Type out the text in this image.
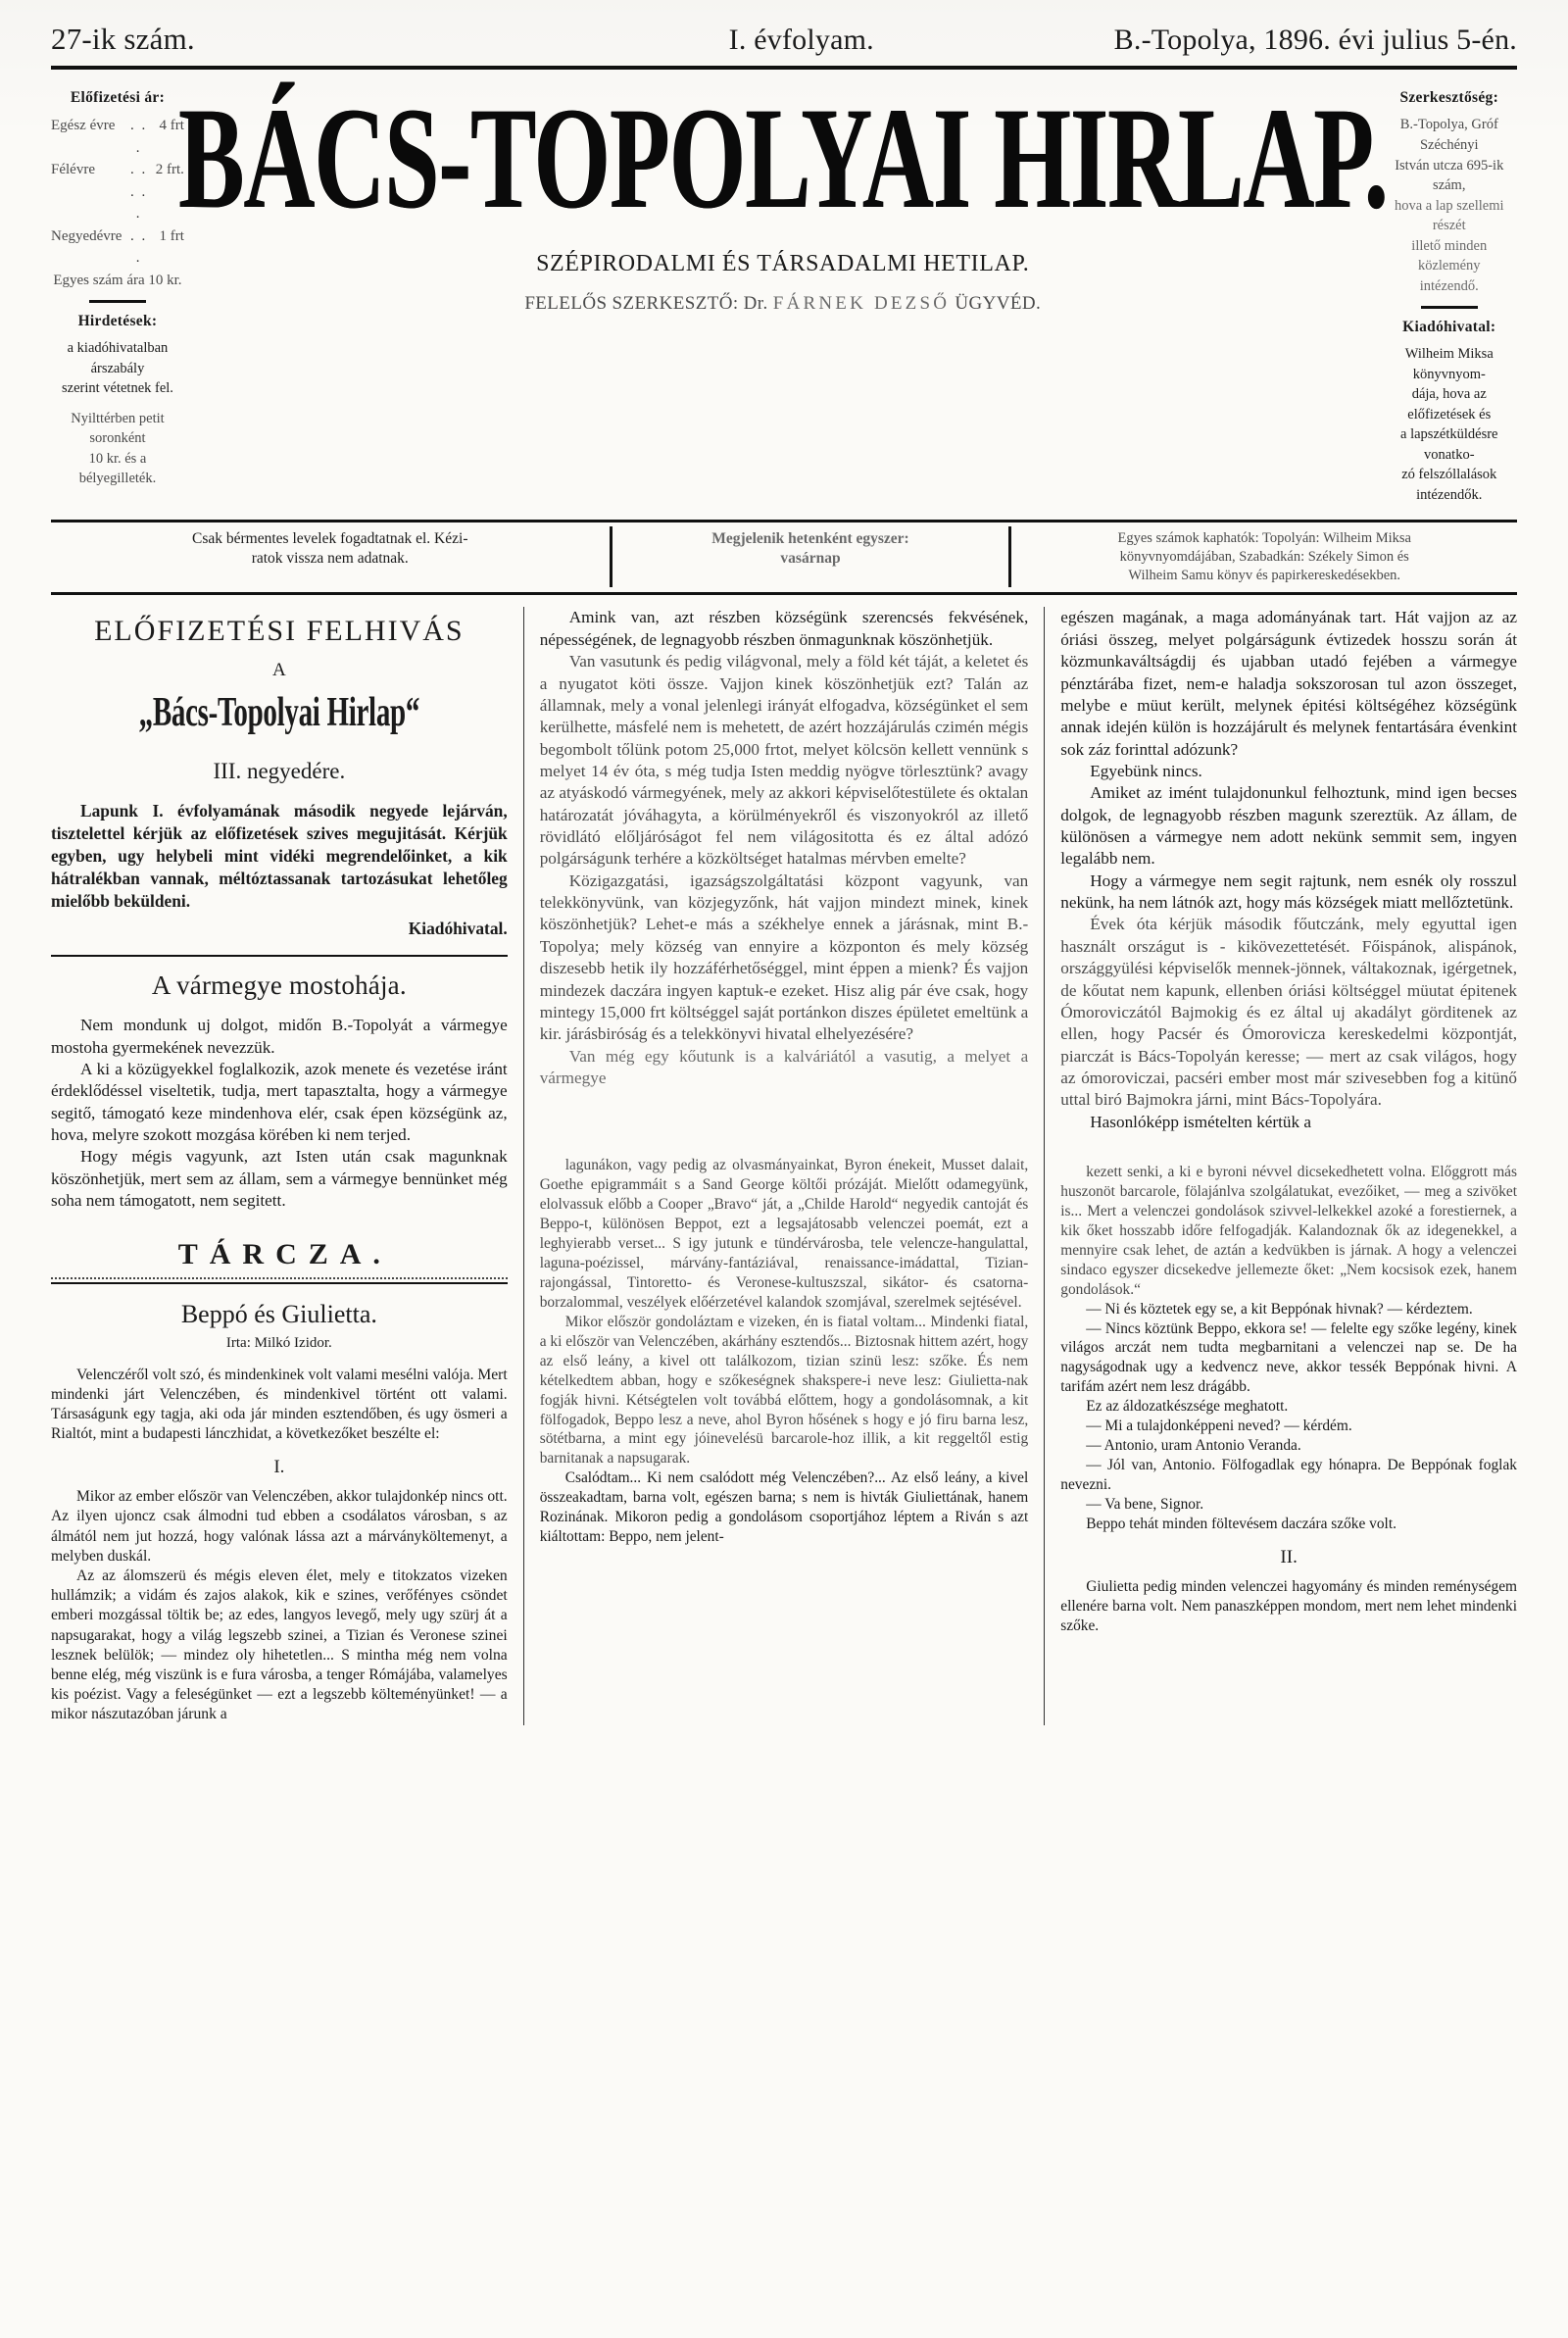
27-ik szám.	I. évfolyam.	B.-Topolya, 1896. évi julius 5-én.
Előfizetési ár:
Egész évre	. . .	4 frt
Félévre	. . . . .	2 frt.
Negyedévre	. . .	1 frt
Egyes szám ára 10 kr.
Hirdetések:

a kiadóhivatalban árszabály

szerint vétetnek fel.

Nyilttérben petit soronként

10 kr. és a bélyegilleték.

BÁCS-TOPOLYAI HIRLAP.
SZÉPIRODALMI ÉS TÁRSADALMI HETILAP.
FELELŐS SZERKESZTŐ: Dr. FÁRNEK DEZSŐ ÜGYVÉD.
Szerkesztőség:

B.-Topolya, Gróf Széchényi

István utcza 695-ik szám,

hova a lap szellemi részét

illető minden közlemény

intézendő.

Kiadóhivatal:

Wilheim Miksa könyvnyom-

dája, hova az előfizetések és

a lapszétküldésre vonatko-

zó felszóllalások intézendők.

Csak bérmentes levelek fogadtatnak el. Kézi-
ratok vissza nem adatnak.
Megjelenik hetenként egyszer:
vasárnap
Egyes számok kaphatók: Topolyán: Wilheim Miksa
könyvnyomdájában, Szabadkán: Székely Simon és
Wilheim Samu könyv és papirkereskedésekben.
ELŐFIZETÉSI FELHIVÁS
A
„Bács-Topolyai Hirlap“
III. negyedére.

Lapunk I. évfolyamának második negyede lejárván, tisztelettel kérjük az előfizetések szives megujitását. Kérjük egyben, ugy helybeli mint vidéki megrendelőinket, a kik hátralékban vannak, méltóztassanak tartozásukat lehetőleg mielőbb beküldeni.

Kiadóhivatal.

A vármegye mostohája.

Nem mondunk uj dolgot, midőn B.-Topolyát a vármegye mostoha gyermekének nevezzük.

A ki a közügyekkel foglalkozik, azok menete és vezetése iránt érdeklődéssel viseltetik, tudja, mert tapasztalta, hogy a vármegye segitő, támogató keze mindenhova elér, csak épen községünk az, hova, melyre szokott mozgása körében ki nem terjed.

Hogy mégis vagyunk, azt Isten után csak magunknak köszönhetjük, mert sem az állam, sem a vármegye bennünket még soha nem támogatott, nem segitett.

TÁRCZA.
Beppó és Giulietta.
Irta: Milkó Izidor.

Velenczéről volt szó, és mindenkinek volt valami mesélni valója. Mert mindenki járt Velenczében, és mindenkivel történt ott valami. Társaságunk egy tagja, aki oda jár minden esztendőben, és ugy ösmeri a Rialtót, mint a budapesti lánczhidat, a következőket beszélte el:

I.

Mikor az ember először van Velenczében, akkor tulajdonkép nincs ott. Az ilyen ujoncz csak álmodni tud ebben a csodálatos városban, s az álmától nem jut hozzá, hogy valónak lássa azt a márványköltemenyt, a melyben duskál.

Az az álomszerü és mégis eleven élet, mely e titokzatos vizeken hullámzik; a vidám és zajos alakok, kik e szines, verőfényes csöndet emberi mozgással töltik be; az edes, langyos levegő, mely ugy szürj át a napsugarakat, hogy a világ legszebb szinei, a Tizian és Veronese szinei lesznek belülök; — mindez oly hihetetlen... S mintha még nem volna benne elég, még viszünk is e fura városba, a tenger Rómájába, valamelyes kis poézist. Vagy a feleségünket — ezt a legszebb költeményünket! — a mikor nászutazóban járunk a

Amink van, azt részben községünk szerencsés fekvésének, népességének, de legnagyobb részben önmagunknak köszönhetjük.

Van vasutunk és pedig világvonal, mely a föld két táját, a keletet és a nyugatot köti össze. Vajjon kinek köszönhetjük ezt? Talán az államnak, mely a vonal jelenlegi irányát elfogadva, községünket el sem kerülhette, másfelé nem is mehetett, de azért hozzájárulás czimén mégis begombolt tőlünk potom 25,000 frtot, melyet kölcsön kellett vennünk s melyet 14 év óta, s még tudja Isten meddig nyögve törlesztünk? avagy az atyáskodó vármegyének, mely az akkori képviselőtestülete és oktalan határozatát jóváhagyta, a körülményekről és viszonyokról az illető rövidlátó előljáróságot fel nem világositotta és ez által adózó polgárságunk terhére a közköltséget hatalmas mérvben emelte?

Közigazgatási, igazságszolgáltatási központ vagyunk, van telekkönyvünk, van közjegyzőnk, hát vajjon mindezt minek, kinek köszönhetjük? Lehet-e más a székhelye ennek a járásnak, mint B.-Topolya; mely község van ennyire a központon és mely község diszesebb hetik ily hozzáférhetőséggel, mint éppen a mienk? És vajjon mindezek daczára ingyen kaptuk-e ezeket. Hisz alig pár éve csak, hogy mintegy 15,000 frt költséggel saját portánkon diszes épületet emeltünk a kir. járásbiróság és a telekkönyvi hivatal elhelyezésére?

Van még egy kőutunk is a kalváriától a vasutig, a melyet a vármegye

lagunákon, vagy pedig az olvasmányainkat, Byron énekeit, Musset dalait, Goethe epigrammáit s a Sand George költői prózáját. Mielőtt odamegyünk, elolvassuk előbb a Cooper „Bravo“ ját, a „Childe Harold“ negyedik cantoját és Beppo-t, különösen Beppot, ezt a legsajátosabb velenczei poemát, ezt a leghyierabb verset... S igy jutunk e tündérvárosba, tele velencze-hangulattal, laguna-poézissel, márvány-fantáziával, renaissance-imádattal, Tizian-rajongással, Tintoretto- és Veronese-kultuszszal, sikátor- és csatorna-borzalommal, veszélyek előérzetével kalandok szomjával, szerelmek sejtésével.

Mikor először gondoláztam e vizeken, én is fiatal voltam... Mindenki fiatal, a ki először van Velenczében, akárhány esztendős... Biztosnak hittem azért, hogy az első leány, a kivel ott találkozom, tizian szinü lesz: szőke. És nem kételkedtem abban, hogy e szőkeségnek shakspere-i neve lesz: Giulietta-nak fogják hivni. Kétségtelen volt továbbá előttem, hogy a gondolásomnak, a kit fölfogadok, Beppo lesz a neve, ahol Byron hősének s hogy e jó firu barna lesz, sötétbarna, a mint egy jóinevelésü barcarole-hoz illik, a kit reggeltől estig barnitanak a napsugarak.

Csalódtam... Ki nem csalódott még Velenczében?... Az első leány, a kivel összeakadtam, barna volt, egészen barna; s nem is hivták Giuliettának, hanem Rozinának. Mikoron pedig a gondolásom csoportjához léptem a Riván s azt kiáltottam: Beppo, nem jelent-

egészen magának, a maga adományának tart. Hát vajjon az az óriási összeg, melyet polgárságunk évtizedek hosszu során át közmunkaváltságdij és ujabban utadó fejében a vármegye pénztárába fizet, nem-e haladja sokszorosan tul azon összeget, melybe e müut került, melynek épitési költségéhez községünk annak idején külön is hozzájárult és melynek fentartására évenkint sok záz forinttal adózunk?

Egyebünk nincs.

Amiket az imént tulajdonunkul felhoztunk, mind igen becses dolgok, de legnagyobb részben magunk szereztük. Az állam, de különösen a vármegye nem adott nekünk semmit sem, ingyen legalább nem.

Hogy a vármegye nem segit rajtunk, nem esnék oly rosszul nekünk, ha nem látnók azt, hogy más községek miatt mellőztetünk.

Évek óta kérjük második főutczánk, mely egyuttal igen használt országut is - kikövezettetését. Főispánok, alispánok, országgyülési képviselők mennek-jönnek, váltakoznak, igérgetnek, de kőutat nem kapunk, ellenben óriási költséggel müutat épitenek Ómoroviczától Bajmokig és ez által uj akadályt görditenek az ellen, hogy Pacsér és Ómorovicza kereskedelmi központját, piarczát is Bács-Topolyán keresse; — mert az csak világos, hogy az ómoroviczai, pacséri ember most már szivesebben fog a kitünő uttal biró Bajmokra járni, mint Bács-Topolyára.

Hasonlóképp ismételten kértük a

kezett senki, a ki e byroni névvel dicsekedhetett volna. Előggrott más huszonöt barcarole, fölajánlva szolgálatukat, evezőiket, — meg a szivöket is... Mert a velenczei gondolások szivvel-lelkekkel azoké a forestiernek, a kik őket hosszabb időre felfogadják. Kalandoznak ők az idegenekkel, a mennyire csak lehet, de aztán a kedvükben is járnak. A hogy a velenczei sindaco egyszer dicsekedve jellemezte őket: „Nem kocsisok ezek, hanem gondolások.“

— Ni és köztetek egy se, a kit Beppónak hivnak? — kérdeztem.

— Nincs köztünk Beppo, ekkora se! — felelte egy szőke legény, kinek világos arczát nem tudta megbarnitani a velenczei nap se. De ha nagyságodnak ugy a kedvencz neve, akkor tessék Beppónak hivni. A tarifám azért nem lesz drágább.

Ez az áldozatkészsége meghatott.

— Mi a tulajdonképpeni neved? — kérdém.

— Antonio, uram Antonio Veranda.

— Jól van, Antonio. Fölfogadlak egy hónapra. De Beppónak foglak nevezni.

— Va bene, Signor.

Beppo tehát minden föltevésem daczára szőke volt.

II.

Giulietta pedig minden velenczei hagyomány és minden reménységem ellenére barna volt. Nem panaszképpen mondom, mert nem lehet mindenki szőke.
